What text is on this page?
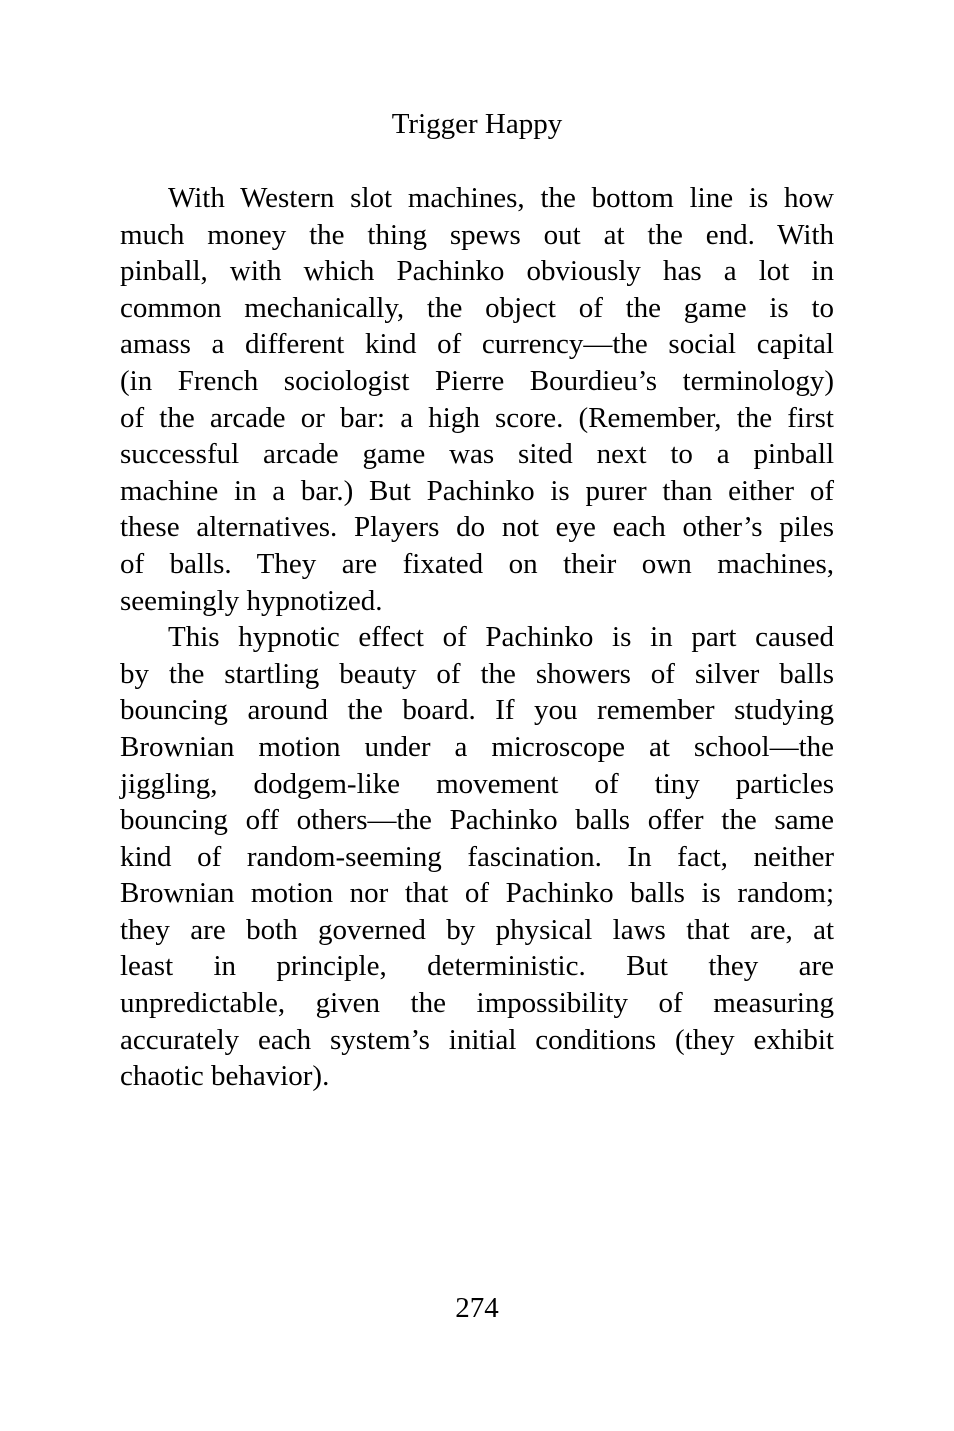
Trigger Happy
With Western slot machines, the bottom line is how
much money the thing spews out at the end. With
pinball, with which Pachinko obviously has a lot in
common mechanically, the object of the game is to
amass a different kind of currency—the social capital
(in French sociologist Pierre Bourdieu’s terminology)
of the arcade or bar: a high score. (Remember, the first
successful arcade game was sited next to a pinball
machine in a bar.) But Pachinko is purer than either of
these alternatives. Players do not eye each other’s piles
of balls. They are fixated on their own machines,
seemingly hypnotized.
This hypnotic effect of Pachinko is in part caused
by the startling beauty of the showers of silver balls
bouncing around the board. If you remember studying
Brownian motion under a microscope at school—the
jiggling, dodgem-like movement of tiny particles
bouncing off others—the Pachinko balls offer the same
kind of random-seeming fascination. In fact, neither
Brownian motion nor that of Pachinko balls is random;
they are both governed by physical laws that are, at
least in principle, deterministic. But they are
unpredictable, given the impossibility of measuring
accurately each system’s initial conditions (they exhibit
chaotic behavior).
274
